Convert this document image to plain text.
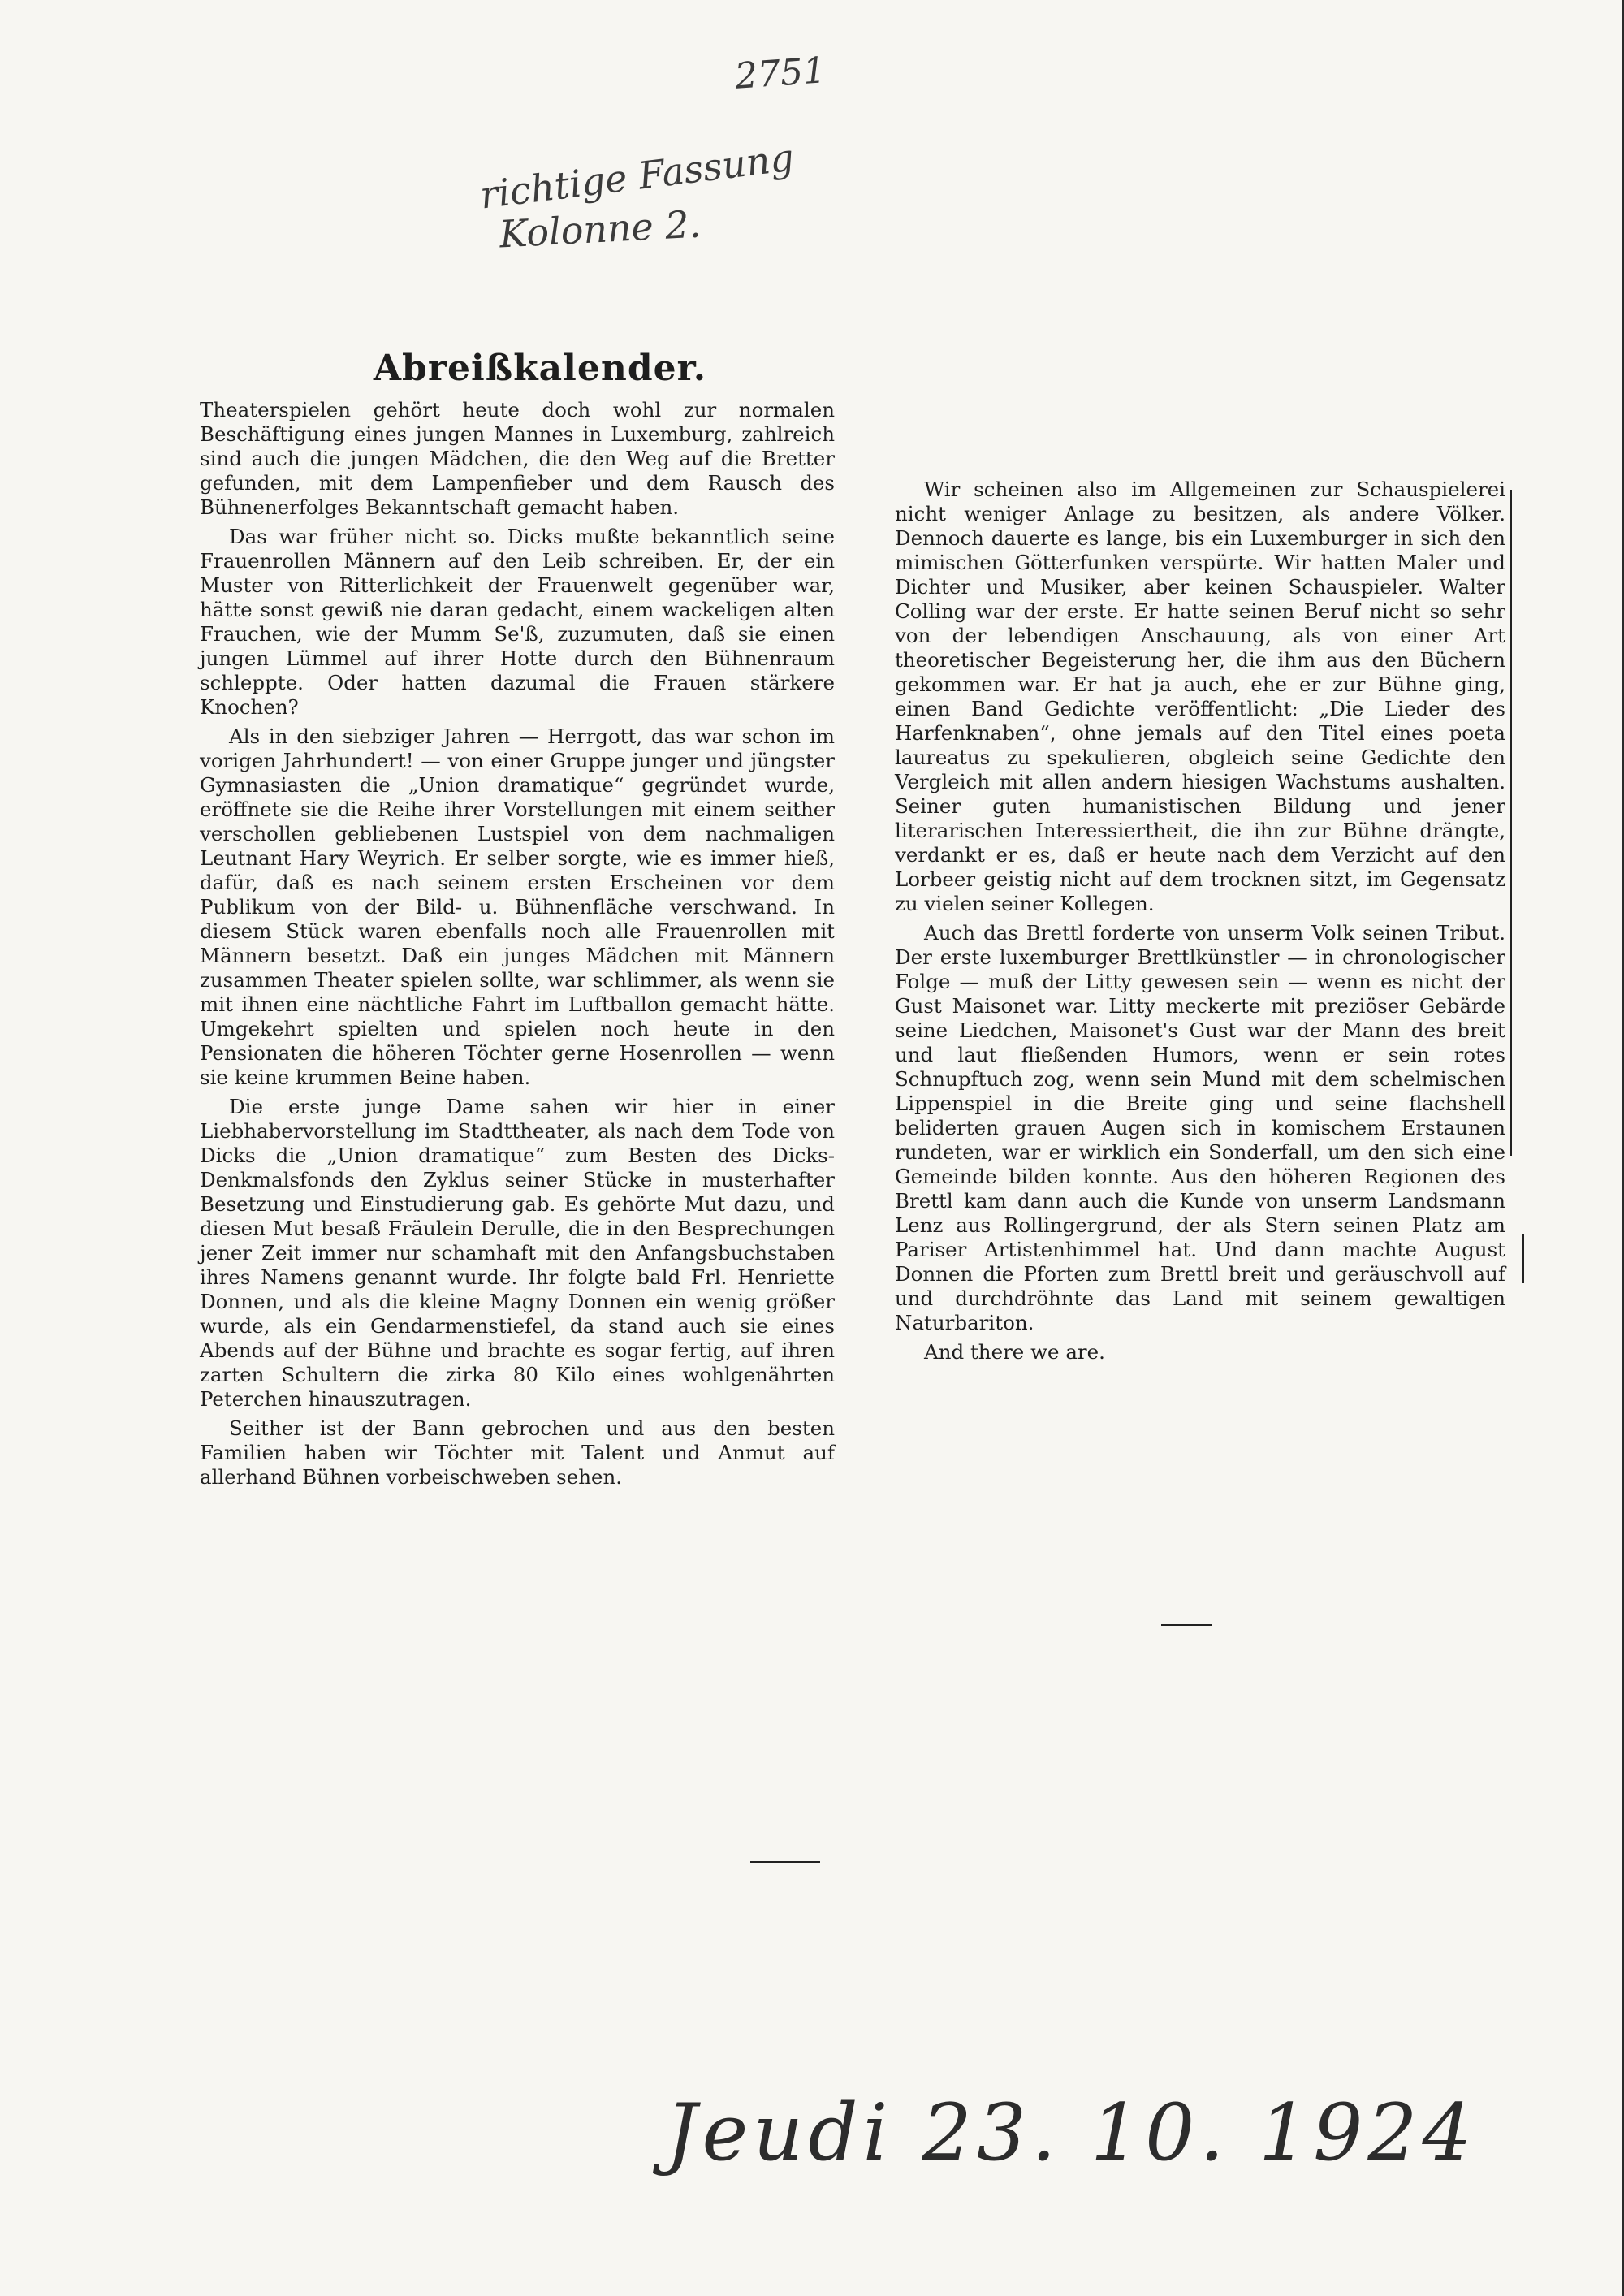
2751
richtige Fassung
Kolonne 2.
Abreißkalender.

Theaterspielen gehört heute doch wohl zur normalen Beschäftigung eines jungen Mannes in Luxemburg, zahlreich sind auch die jungen Mädchen, die den Weg auf die Bretter gefunden, mit dem Lampenfieber und dem Rausch des Bühnenerfolges Bekanntschaft gemacht haben.

Das war früher nicht so. Dicks mußte bekanntlich seine Frauenrollen Männern auf den Leib schreiben. Er, der ein Muster von Ritterlichkeit der Frauenwelt gegenüber war, hätte sonst gewiß nie daran gedacht, einem wackeligen alten Frauchen, wie der Mumm Se'ß, zuzumuten, daß sie einen jungen Lümmel auf ihrer Hotte durch den Bühnenraum schleppte. Oder hatten dazumal die Frauen stärkere Knochen?

Als in den siebziger Jahren — Herrgott, das war schon im vorigen Jahrhundert! — von einer Gruppe junger und jüngster Gymnasiasten die „Union dramatique“ gegründet wurde, eröffnete sie die Reihe ihrer Vorstellungen mit einem seither verschollen gebliebenen Lustspiel von dem nachmaligen Leutnant Hary Weyrich. Er selber sorgte, wie es immer hieß, dafür, daß es nach seinem ersten Erscheinen vor dem Publikum von der Bild- u. Bühnenfläche verschwand. In diesem Stück waren ebenfalls noch alle Frauenrollen mit Männern besetzt. Daß ein junges Mädchen mit Männern zusammen Theater spielen sollte, war schlimmer, als wenn sie mit ihnen eine nächtliche Fahrt im Luftballon gemacht hätte. Umgekehrt spielten und spielen noch heute in den Pensionaten die höheren Töchter gerne Hosenrollen — wenn sie keine krummen Beine haben.

Die erste junge Dame sahen wir hier in einer Liebhabervorstellung im Stadttheater, als nach dem Tode von Dicks die „Union dramatique“ zum Besten des Dicks-Denkmalsfonds den Zyklus seiner Stücke in musterhafter Besetzung und Einstudierung gab. Es gehörte Mut dazu, und diesen Mut besaß Fräulein Derulle, die in den Besprechungen jener Zeit immer nur schamhaft mit den Anfangsbuchstaben ihres Namens genannt wurde. Ihr folgte bald Frl. Henriette Donnen, und als die kleine Magny Donnen ein wenig größer wurde, als ein Gendarmenstiefel, da stand auch sie eines Abends auf der Bühne und brachte es sogar fertig, auf ihren zarten Schultern die zirka 80 Kilo eines wohlgenährten Peterchen hinauszutragen.

Seither ist der Bann gebrochen und aus den besten Familien haben wir Töchter mit Talent und Anmut auf allerhand Bühnen vorbeischweben sehen.

Wir scheinen also im Allgemeinen zur Schauspielerei nicht weniger Anlage zu besitzen, als andere Völker. Dennoch dauerte es lange, bis ein Luxemburger in sich den mimischen Götterfunken verspürte. Wir hatten Maler und Dichter und Musiker, aber keinen Schauspieler. Walter Colling war der erste. Er hatte seinen Beruf nicht so sehr von der lebendigen Anschauung, als von einer Art theoretischer Begeisterung her, die ihm aus den Büchern gekommen war. Er hat ja auch, ehe er zur Bühne ging, einen Band Gedichte veröffentlicht: „Die Lieder des Harfenknaben“, ohne jemals auf den Titel eines poeta laureatus zu spekulieren, obgleich seine Gedichte den Vergleich mit allen andern hiesigen Wachstums aushalten. Seiner guten humanistischen Bildung und jener literarischen Interessiertheit, die ihn zur Bühne drängte, verdankt er es, daß er heute nach dem Verzicht auf den Lorbeer geistig nicht auf dem trocknen sitzt, im Gegensatz zu vielen seiner Kollegen.

Auch das Brettl forderte von unserm Volk seinen Tribut. Der erste luxemburger Brettlkünstler — in chronologischer Folge — muß der Litty gewesen sein — wenn es nicht der Gust Maisonet war. Litty meckerte mit preziöser Gebärde seine Liedchen, Maisonet's Gust war der Mann des breit und laut fließenden Humors, wenn er sein rotes Schnupftuch zog, wenn sein Mund mit dem schelmischen Lippenspiel in die Breite ging und seine flachshell beliderten grauen Augen sich in komischem Erstaunen rundeten, war er wirklich ein Sonderfall, um den sich eine Gemeinde bilden konnte. Aus den höheren Regionen des Brettl kam dann auch die Kunde von unserm Landsmann Lenz aus Rollingergrund, der als Stern seinen Platz am Pariser Artistenhimmel hat. Und dann machte August Donnen die Pforten zum Brettl breit und geräuschvoll auf und durchdröhnte das Land mit seinem gewaltigen Naturbariton.

And there we are.

Jeudi 23. 10. 1924
